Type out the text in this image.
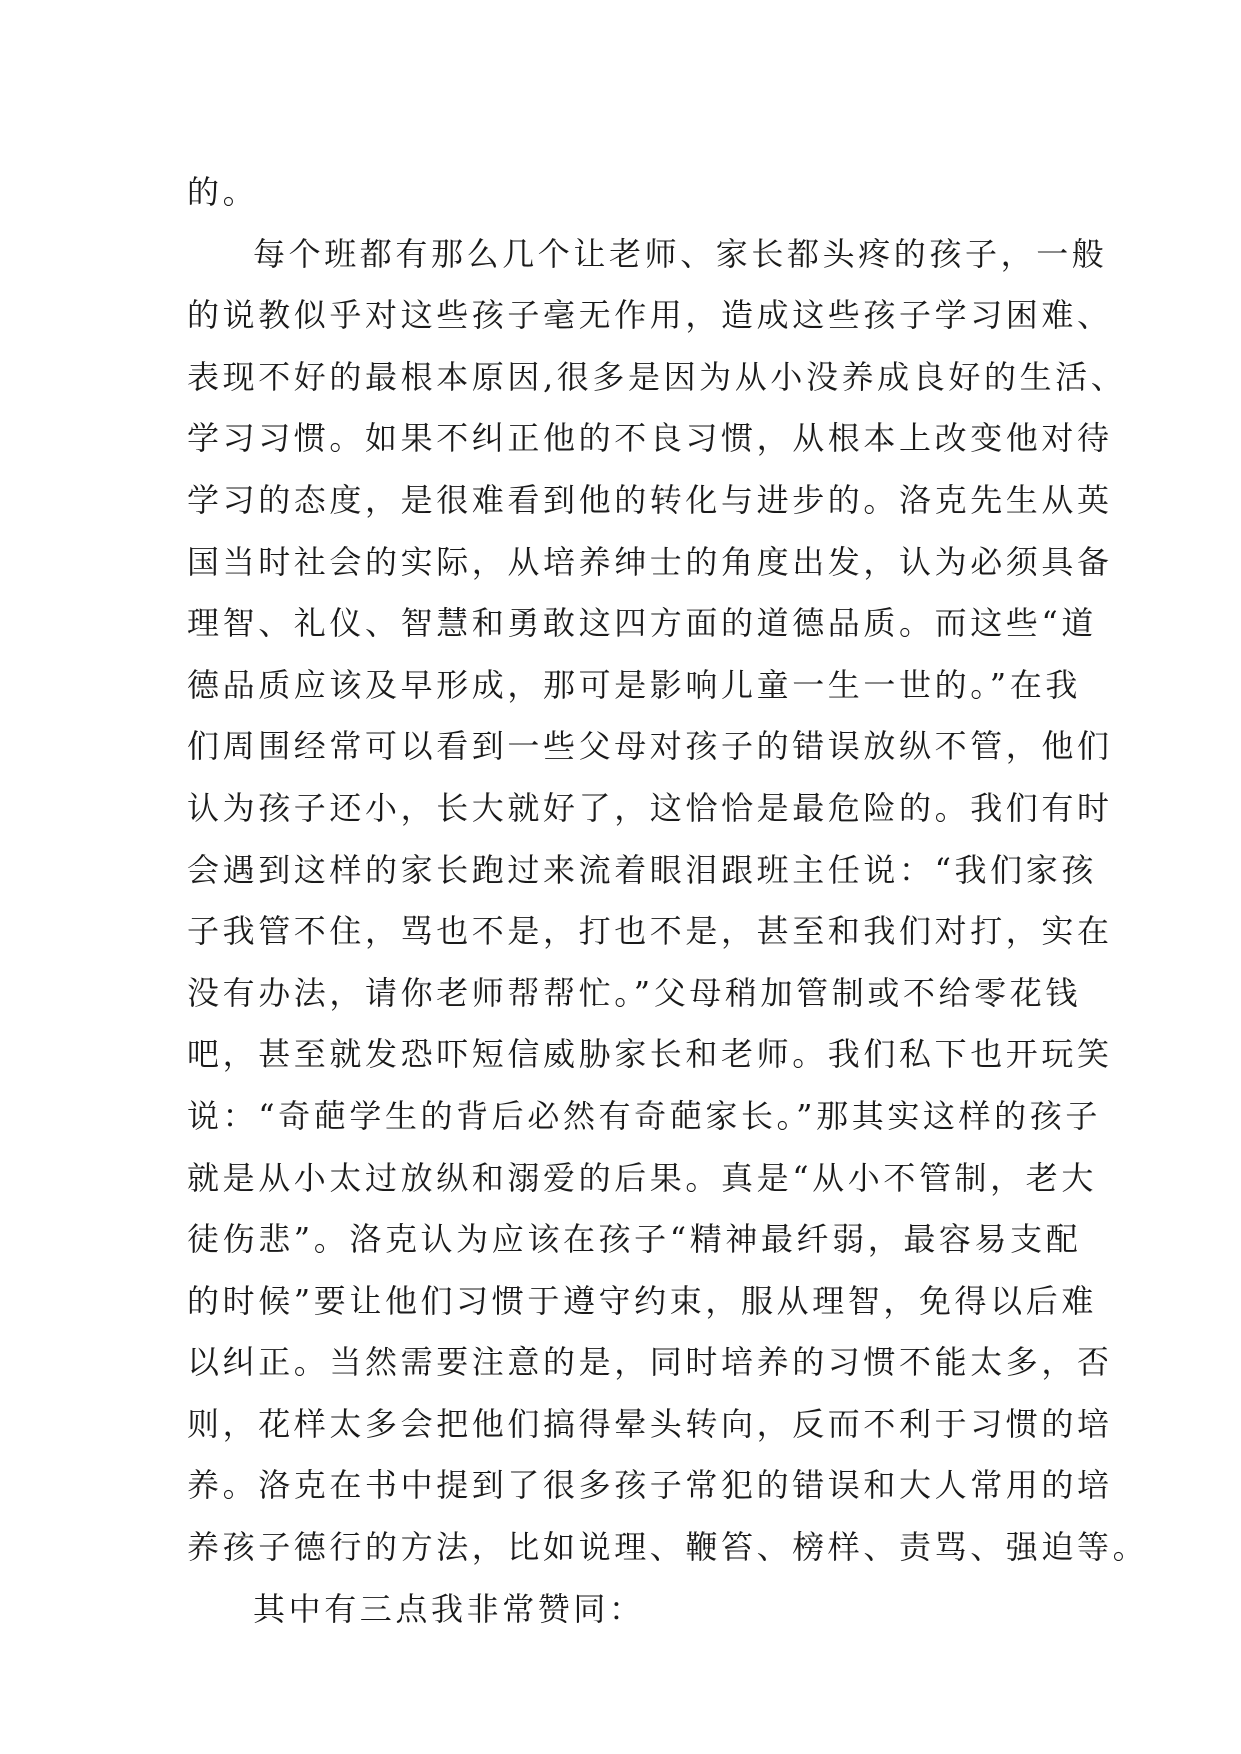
的。
每个班都有那么几个让老师、家长都头疼的孩子，一般
的说教似乎对这些孩子毫无作用，造成这些孩子学习困难、
表现不好的最根本原因,很多是因为从小没养成良好的生活、
学习习惯。如果不纠正他的不良习惯，从根本上改变他对待
学习的态度，是很难看到他的转化与进步的。洛克先生从英
国当时社会的实际，从培养绅士的角度出发，认为必须具备
理智、礼仪、智慧和勇敢这四方面的道德品质。而这些“道
德品质应该及早形成，那可是影响儿童一生一世的。”在我
们周围经常可以看到一些父母对孩子的错误放纵不管，他们
认为孩子还小，长大就好了，这恰恰是最危险的。我们有时
会遇到这样的家长跑过来流着眼泪跟班主任说：“我们家孩
子我管不住，骂也不是，打也不是，甚至和我们对打，实在
没有办法，请你老师帮帮忙。”父母稍加管制或不给零花钱
吧，甚至就发恐吓短信威胁家长和老师。我们私下也开玩笑
说：“奇葩学生的背后必然有奇葩家长。”那其实这样的孩子
就是从小太过放纵和溺爱的后果。真是“从小不管制，老大
徒伤悲”。洛克认为应该在孩子“精神最纤弱，最容易支配
的时候”要让他们习惯于遵守约束，服从理智，免得以后难
以纠正。当然需要注意的是，同时培养的习惯不能太多，否
则，花样太多会把他们搞得晕头转向，反而不利于习惯的培
养。洛克在书中提到了很多孩子常犯的错误和大人常用的培
养孩子德行的方法，比如说理、鞭笞、榜样、责骂、强迫等。
其中有三点我非常赞同：
